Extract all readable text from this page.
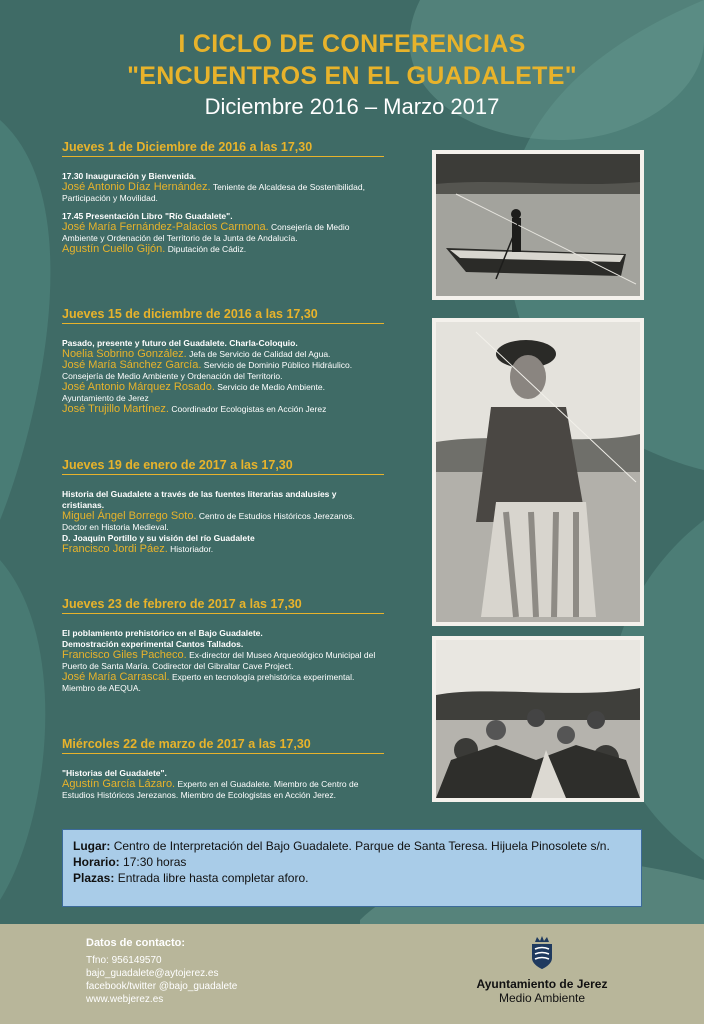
I CICLO DE CONFERENCIAS
"ENCUENTROS EN EL GUADALETE"
Diciembre 2016 – Marzo 2017
Jueves 1 de Diciembre de 2016 a las 17,30
17.30 Inauguración y Bienvenida.
José Antonio Díaz Hernández. Teniente de Alcaldesa de Sostenibilidad,
Participación y Movilidad.
17.45 Presentación Libro "Río Guadalete".
José María Fernández-Palacios Carmona. Consejería de Medio
Ambiente y Ordenación del Territorio de la Junta de Andalucía.
Agustín Cuello Gijón. Diputación de Cádiz.
Jueves 15 de diciembre de 2016 a las 17,30
Pasado, presente y futuro del Guadalete. Charla-Coloquio.
Noelia Sobrino González. Jefa de Servicio de Calidad del Agua.
José María Sánchez García. Servicio de Dominio Público Hidráulico.
Consejería de Medio Ambiente y Ordenación del Territorio.
José Antonio Márquez Rosado. Servicio de Medio Ambiente.
Ayuntamiento de Jerez
José Trujillo Martínez. Coordinador Ecologistas en Acción Jerez
Jueves 19 de enero de 2017 a las 17,30
Historia del Guadalete a través de las fuentes literarias andalusíes y
cristianas.
Miguel Ángel Borrego Soto. Centro de Estudios Históricos Jerezanos.
Doctor en Historia Medieval.
D. Joaquín Portillo y su visión del río Guadalete
Francisco Jordi Páez. Historiador.
Jueves 23 de febrero de 2017 a las 17,30
El poblamiento prehistórico en el Bajo Guadalete.
Demostración experimental Cantos Tallados.
Francisco Giles Pacheco. Ex-director del Museo Arqueológico Municipal del
Puerto de Santa María. Codirector del Gibraltar Cave Project.
José María Carrascal. Experto en tecnología prehistórica experimental.
Miembro de AEQUA.
Miércoles 22 de marzo de 2017 a las 17,30
"Historias del Guadalete".
Agustín García Lázaro. Experto en el Guadalete. Miembro de Centro de
Estudios Históricos Jerezanos. Miembro de Ecologistas en Acción Jerez.
Lugar: Centro de Interpretación del Bajo Guadalete. Parque de Santa Teresa. Hijuela Pinosolete s/n.
Horario: 17:30 horas
Plazas: Entrada libre hasta completar aforo.
Datos de contacto:
Tfno: 956149570
bajo_guadalete@aytojerez.es
facebook/twitter @bajo_guadalete
www.webjerez.es
Ayuntamiento de Jerez
Medio Ambiente
